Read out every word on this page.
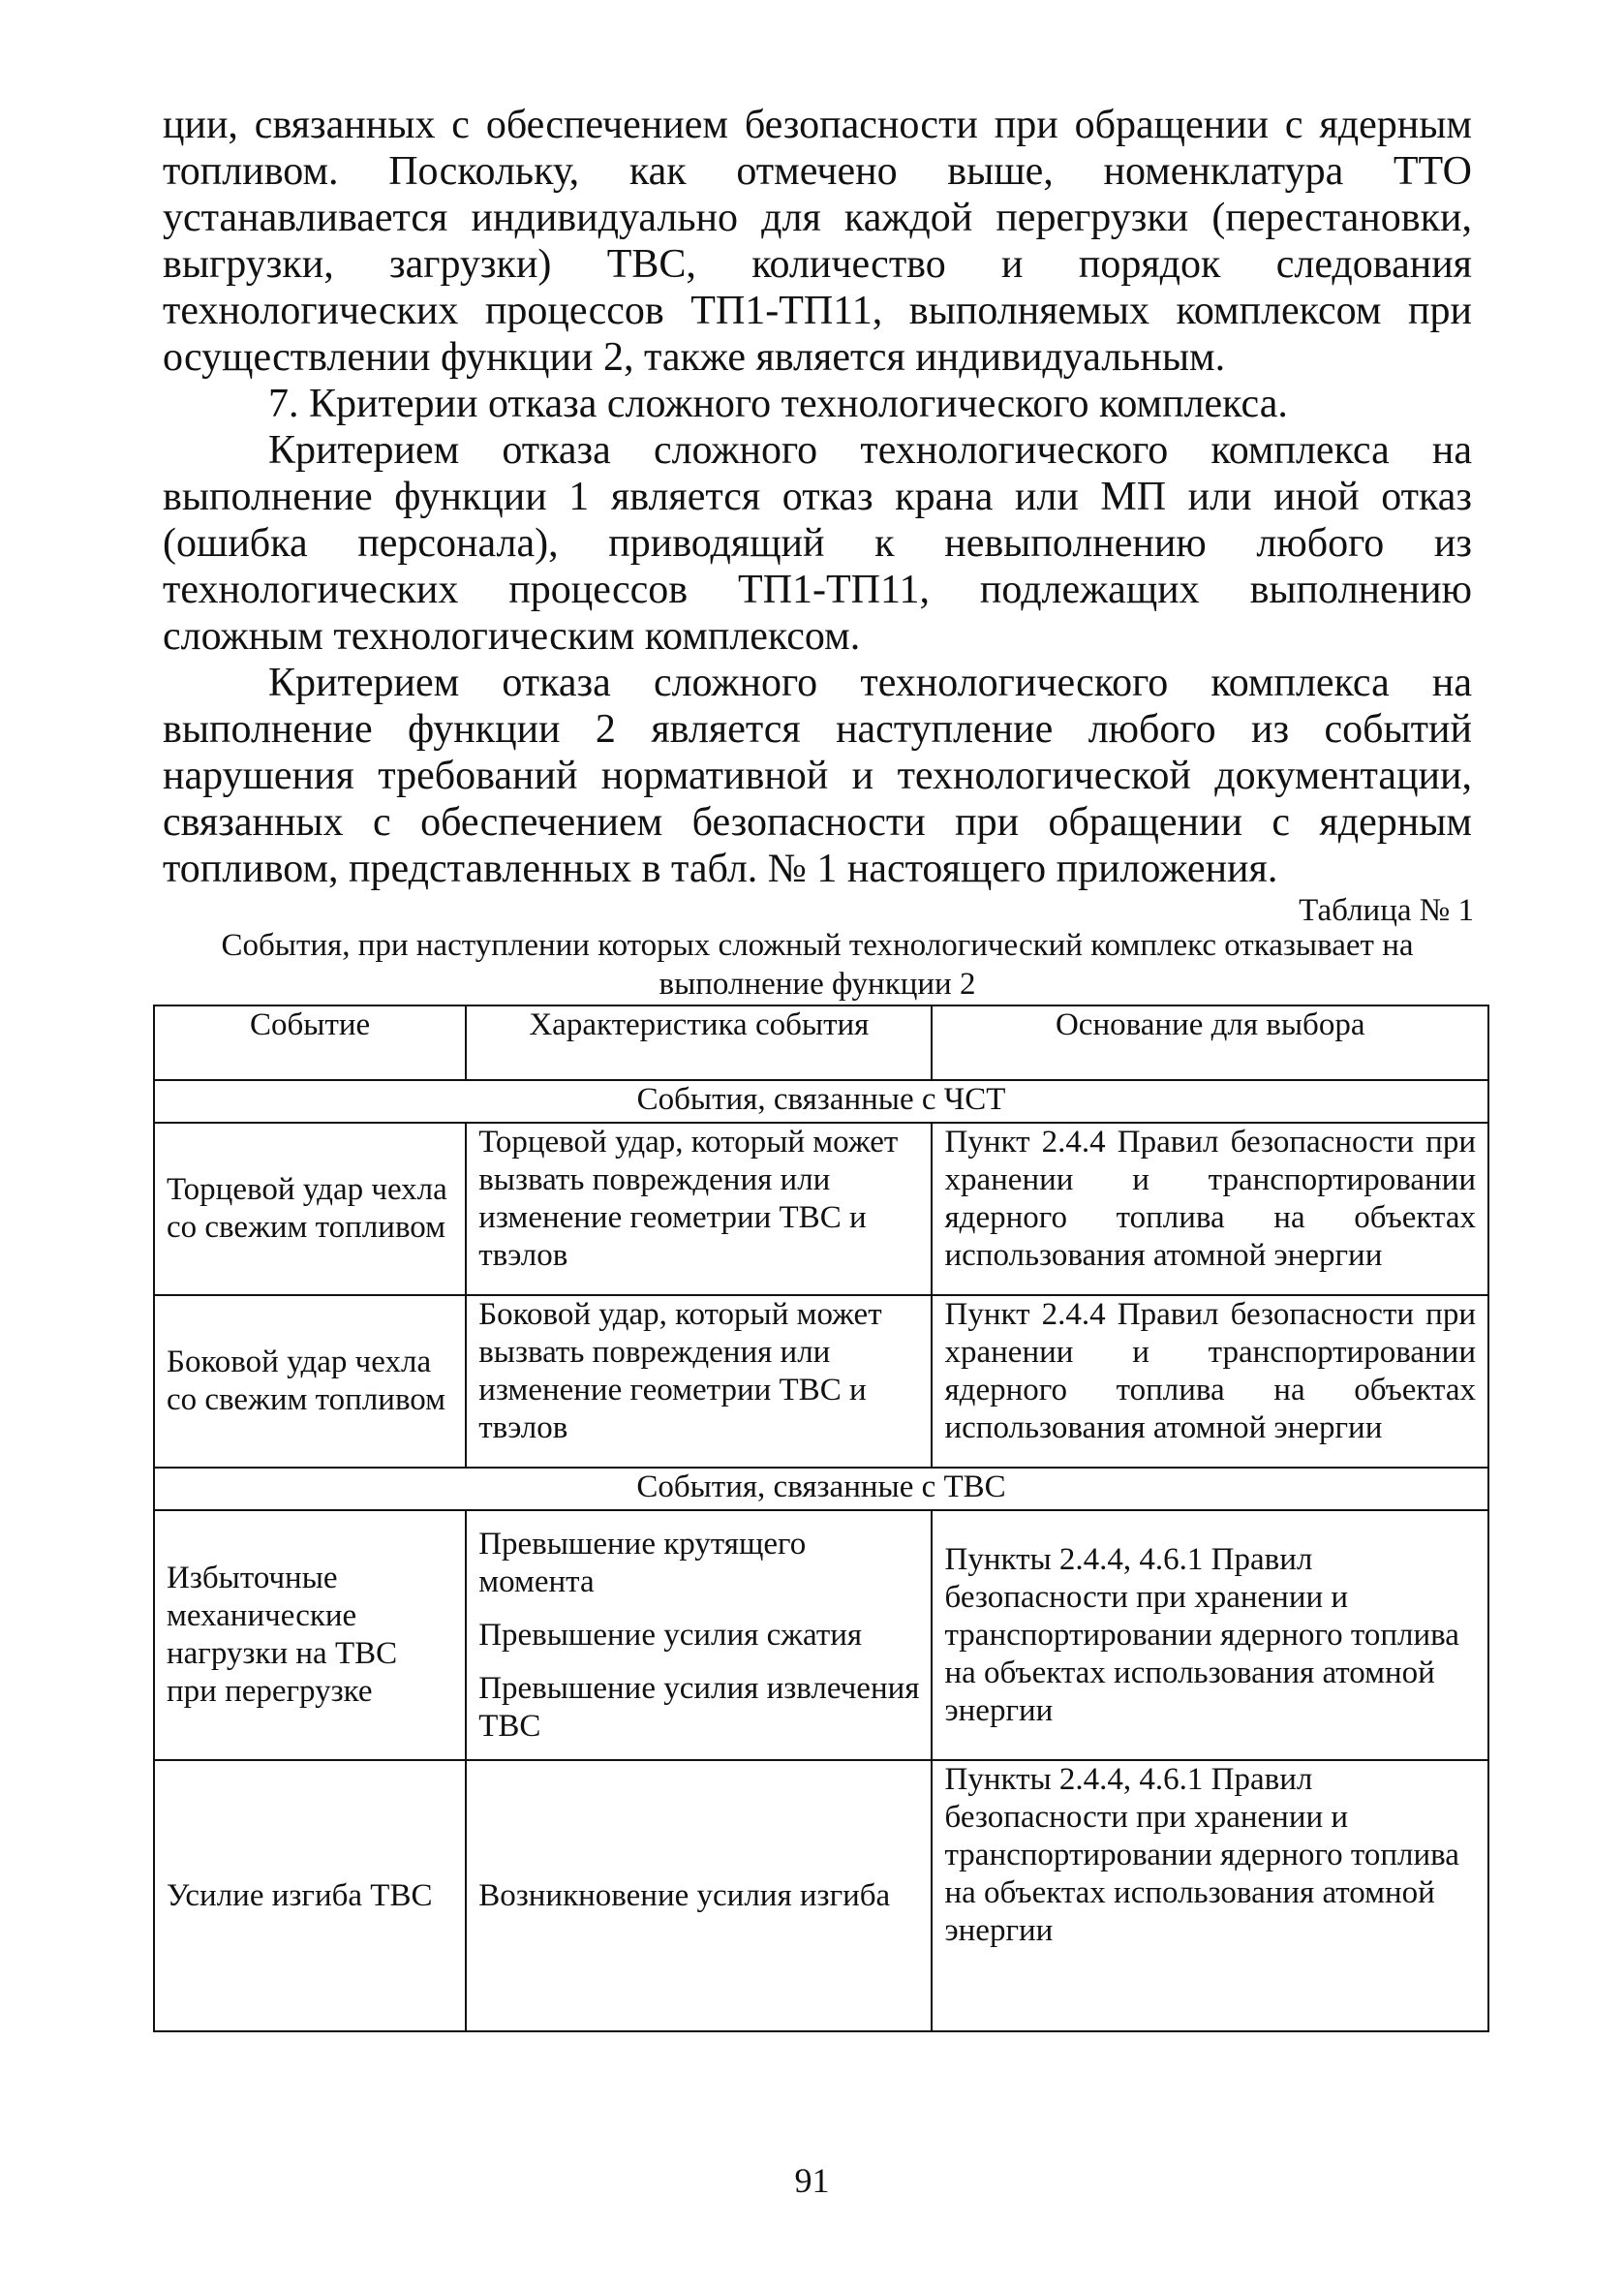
ции, связанных с обеспечением безопасности при обращении с ядерным топливом. Поскольку, как отмечено выше, номенклатура ТТО устанавливается индивидуально для каждой перегрузки (перестановки, выгрузки, загрузки) ТВС, количество и порядок следования технологических процессов ТП1-ТП11, выполняемых комплексом при осуществлении функции 2, также является индивидуальным.

7. Критерии отказа сложного технологического комплекса.

Критерием отказа сложного технологического комплекса на выполнение функции 1 является отказ крана или МП или иной отказ (ошибка персонала), приводящий к невыполнению любого из технологических процессов ТП1-ТП11, подлежащих выполнению сложным технологическим комплексом.

Критерием отказа сложного технологического комплекса на выполнение функции 2 является наступление любого из событий нарушения требований нормативной и технологической документации, связанных с обеспечением безопасности при обращении с ядерным топливом, представленных в табл. № 1 настоящего приложения.

Таблица № 1
События, при наступлении которых сложный технологический комплекс отказывает на выполнение функции 2
Событие	Характеристика события	Основание для выбора
События, связанные с ЧСТ		
Торцевой удар чехла со свежим топливом	Торцевой удар, который может вызвать повреждения или изменение геометрии ТВС и твэлов	Пункт 2.4.4 Правил безопасности при хранении и транспортировании ядерного топлива на объектах использования атомной энергии
Боковой удар чехла со свежим топливом	Боковой удар, который может вызвать повреждения или изменение геометрии ТВС и твэлов	Пункт 2.4.4 Правил безопасности при хранении и транспортировании ядерного топлива на объектах использования атомной энергии
События, связанные с ТВС		
Избыточные механические нагрузки на ТВС при перегрузке	Превышение крутящего момента
Превышение усилия сжатия
Превышение усилия извлечения ТВС	Пункты 2.4.4, 4.6.1 Правил безопасности при хранении и транспортировании ядерного топлива на объектах использования атомной энергии
Усилие изгиба ТВС	Возникновение усилия изгиба	Пункты 2.4.4, 4.6.1 Правил безопасности при хранении и транспортировании ядерного топлива на объектах использования атомной энергии
91
